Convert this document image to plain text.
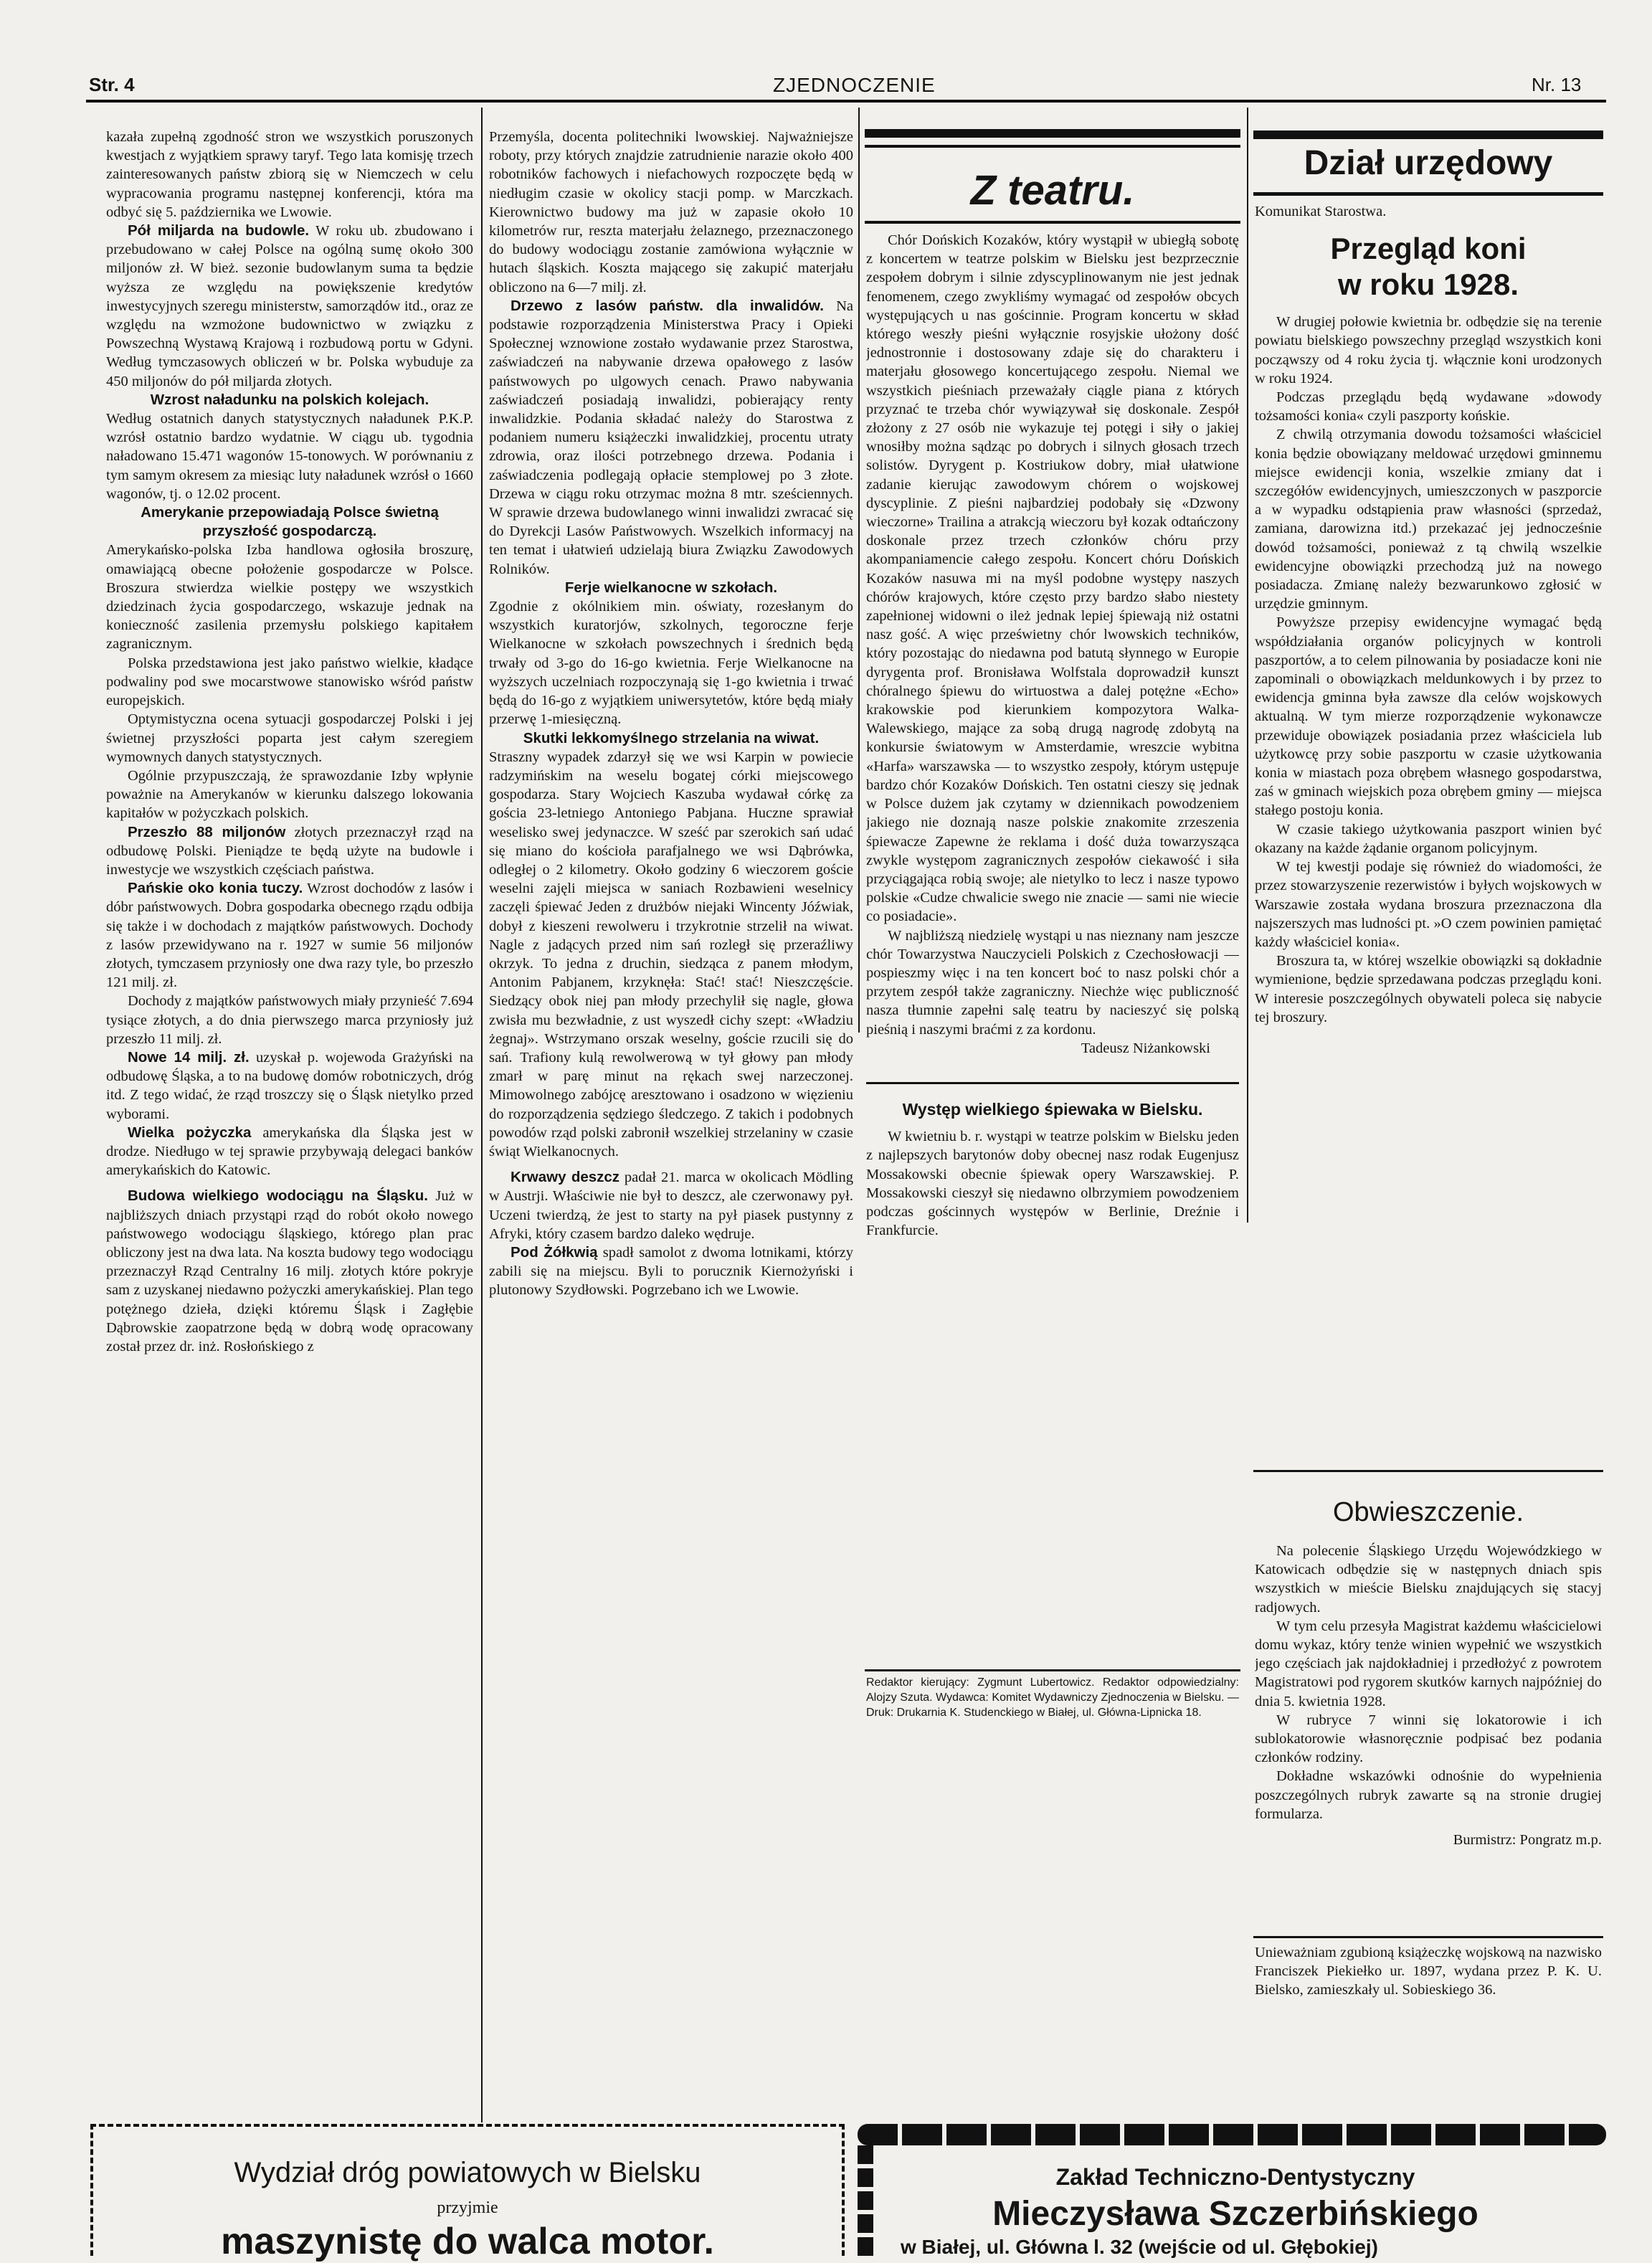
Str. 4	ZJEDNOCZENIE	Nr. 13

kazała zupełną zgodność stron we wszystkich poruszonych kwestjach z wyjątkiem sprawy taryf. Tego lata komisję trzech zainteresowanych państw zbiorą się w Niemczech w celu wypracowania programu następnej konferencji, która ma odbyć się 5. października we Lwowie.

Pół miljarda na budowle. W roku ub. zbudowano i przebudowano w całej Polsce na ogólną sumę około 300 miljonów zł. W bież. sezonie budowlanym suma ta będzie wyższa ze względu na powiększenie kredytów inwestycyjnych szeregu ministerstw, samorządów itd., oraz ze względu na wzmożone budownictwo w związku z Powszechną Wystawą Krajową i rozbudową portu w Gdyni. Według tymczasowych obliczeń w br. Polska wybuduje za 450 miljonów do pół miljarda złotych.

Wzrost naładunku na polskich kolejach.

Według ostatnich danych statystycznych naładunek P.K.P. wzrósł ostatnio bardzo wydatnie. W ciągu ub. tygodnia naładowano 15.471 wagonów 15-tonowych. W porównaniu z tym samym okresem za miesiąc luty naładunek wzrósł o 1660 wagonów, tj. o 12.02 procent.

Amerykanie przepowiadają Polsce świetną przyszłość gospodarczą.

Amerykańsko-polska Izba handlowa ogłosiła broszurę, omawiającą obecne położenie gospodarcze w Polsce. Broszura stwierdza wielkie postępy we wszystkich dziedzinach życia gospodarczego, wskazuje jednak na konieczność zasilenia przemysłu polskiego kapitałem zagranicznym.

Polska przedstawiona jest jako państwo wielkie, kładące podwaliny pod swe mocarstwowe stanowisko wśród państw europejskich.

Optymistyczna ocena sytuacji gospodarczej Polski i jej świetnej przyszłości poparta jest całym szeregiem wymownych danych statystycznych.

Ogólnie przypuszczają, że sprawozdanie Izby wpłynie poważnie na Amerykanów w kierunku dalszego lokowania kapitałów w pożyczkach polskich.

Przeszło 88 miljonów złotych przeznaczył rząd na odbudowę Polski. Pieniądze te będą użyte na budowle i inwestycje we wszystkich częściach państwa.

Pańskie oko konia tuczy. Wzrost dochodów z lasów i dóbr państwowych. Dobra gospodarka obecnego rządu odbija się także i w dochodach z majątków państwowych. Dochody z lasów przewidywano na r. 1927 w sumie 56 miljonów złotych, tymczasem przyniosły one dwa razy tyle, bo przeszło 121 milj. zł.

Dochody z majątków państwowych miały przynieść 7.694 tysiące złotych, a do dnia pierwszego marca przyniosły już przeszło 11 milj. zł.

Nowe 14 milj. zł. uzyskał p. wojewoda Grażyński na odbudowę Śląska, a to na budowę domów robotniczych, dróg itd. Z tego widać, że rząd troszczy się o Śląsk nietylko przed wyborami.

Wielka pożyczka amerykańska dla Śląska jest w drodze. Niedługo w tej sprawie przybywają delegaci banków amerykańskich do Katowic.

Budowa wielkiego wodociągu na Śląsku. Już w najbliższych dniach przystąpi rząd do robót około nowego państwowego wodociągu śląskiego, którego plan prac obliczony jest na dwa lata. Na koszta budowy tego wodociągu przeznaczył Rząd Centralny 16 milj. złotych które pokryje sam z uzyskanej niedawno pożyczki amerykańskiej. Plan tego potężnego dzieła, dzięki któremu Śląsk i Zagłębie Dąbrowskie zaopatrzone będą w dobrą wodę opracowany został przez dr. inż. Rosłońskiego z

Przemyśla, docenta politechniki lwowskiej. Najważniejsze roboty, przy których znajdzie zatrudnienie narazie około 400 robotników fachowych i niefachowych rozpoczęte będą w niedługim czasie w okolicy stacji pomp. w Marczkach. Kierownictwo budowy ma już w zapasie około 10 kilometrów rur, reszta materjału żelaznego, przeznaczonego do budowy wodociągu zostanie zamówiona wyłącznie w hutach śląskich. Koszta mającego się zakupić materjału obliczono na 6—7 milj. zł.

Drzewo z lasów państw. dla inwalidów. Na podstawie rozporządzenia Ministerstwa Pracy i Opieki Społecznej wznowione zostało wydawanie przez Starostwa, zaświadczeń na nabywanie drzewa opałowego z lasów państwowych po ulgowych cenach. Prawo nabywania zaświadczeń posiadają inwalidzi, pobierający renty inwalidzkie. Podania składać należy do Starostwa z podaniem numeru książeczki inwalidzkiej, procentu utraty zdrowia, oraz ilości potrzebnego drzewa. Podania i zaświadczenia podlegają opłacie stemplowej po 3 złote. Drzewa w ciągu roku otrzymac można 8 mtr. sześciennych. W sprawie drzewa budowlanego winni inwalidzi zwracać się do Dyrekcji Lasów Państwowych. Wszelkich informacyj na ten temat i ułatwień udzielają biura Związku Zawodowych Rolników.

Ferje wielkanocne w szkołach.

Zgodnie z okólnikiem min. oświaty, rozesłanym do wszystkich kuratorjów, szkolnych, tegoroczne ferje Wielkanocne w szkołach powszechnych i średnich będą trwały od 3-go do 16-go kwietnia. Ferje Wielkanocne na wyższych uczelniach rozpoczynają się 1-go kwietnia i trwać będą do 16-go z wyjątkiem uniwersytetów, które będą miały przerwę 1-miesięczną.

Skutki lekkomyślnego strzelania na wiwat.

Straszny wypadek zdarzył się we wsi Karpin w powiecie radzymińskim na weselu bogatej córki miejscowego gospodarza. Stary Wojciech Kaszuba wydawał córkę za gościa 23-letniego Antoniego Pabjana. Huczne sprawiał weselisko swej jedynaczce. W sześć par szerokich sań udać się miano do kościoła parafjalnego we wsi Dąbrówka, odległej o 2 kilometry. Około godziny 6 wieczorem goście weselni zajęli miejsca w saniach Rozbawieni weselnicy zaczęli śpiewać Jeden z drużbów niejaki Wincenty Jóźwiak, dobył z kieszeni rewolweru i trzykrotnie strzelił na wiwat. Nagle z jadących przed nim sań rozległ się przeraźliwy okrzyk. To jedna z druchin, siedząca z panem młodym, Antonim Pabjanem, krzyknęła: Stać! stać! Nieszczęście. Siedzący obok niej pan młody przechylił się nagle, głowa zwisła mu bezwładnie, z ust wyszedł cichy szept: «Władziu żegnaj». Wstrzymano orszak weselny, goście rzucili się do sań. Trafiony kulą rewolwerową w tył głowy pan młody zmarł w parę minut na rękach swej narzeczonej. Mimowolnego zabójcę aresztowano i osadzono w więzieniu do rozporządzenia sędziego śledczego. Z takich i podobnych powodów rząd polski zabronił wszelkiej strzelaniny w czasie świąt Wielkanocnych.

Krwawy deszcz padał 21. marca w okolicach Mödling w Austrji. Właściwie nie był to deszcz, ale czerwonawy pył. Uczeni twierdzą, że jest to starty na pył piasek pustynny z Afryki, który czasem bardzo daleko wędruje.

Pod Żółkwią spadł samolot z dwoma lotnikami, którzy zabili się na miejscu. Byli to porucznik Kiernożyński i plutonowy Szydłowski. Pogrzebano ich we Lwowie.

Z teatru.

Chór Dońskich Kozaków, który wystąpił w ubiegłą sobotę z koncertem w teatrze polskim w Bielsku jest bezprzecznie zespołem dobrym i silnie zdyscyplinowanym nie jest jednak fenomenem, czego zwykliśmy wymagać od zespołów obcych występujących u nas gościnnie. Program koncertu w skład którego weszły pieśni wyłącznie rosyjskie ułożony dość jednostronnie i dostosowany zdaje się do charakteru i materjału głosowego koncertującego zespołu. Niemal we wszystkich pieśniach przeważały ciągle piana z których przyznać te trzeba chór wywiązywał się doskonale. Zespół złożony z 27 osób nie wykazuje tej potęgi i siły o jakiej wnosiłby można sądząc po dobrych i silnych głosach trzech solistów. Dyrygent p. Kostriukow dobry, miał ułatwione zadanie kierując zawodowym chórem o wojskowej dyscyplinie. Z pieśni najbardziej podobały się «Dzwony wieczorne» Trailina a atrakcją wieczoru był kozak odtańczony doskonale przez trzech członków chóru przy akompaniamencie całego zespołu. Koncert chóru Dońskich Kozaków nasuwa mi na myśl podobne występy naszych chórów krajowych, które często przy bardzo słabo niestety zapełnionej widowni o ileż jednak lepiej śpiewają niż ostatni nasz gość. A więc prześwietny chór lwowskich techników, który pozostając do niedawna pod batutą słynnego w Europie dyrygenta prof. Bronisława Wolfstala doprowadził kunszt chóralnego śpiewu do wirtuostwa a dalej potężne «Echo» krakowskie pod kierunkiem kompozytora Walka-Walewskiego, mające za sobą drugą nagrodę zdobytą na konkursie światowym w Amsterdamie, wreszcie wybitna «Harfa» warszawska — to wszystko zespoły, którym ustępuje bardzo chór Kozaków Dońskich. Ten ostatni cieszy się jednak w Polsce dużem jak czytamy w dziennikach powodzeniem jakiego nie doznają nasze polskie znakomite zrzeszenia śpiewacze Zapewne że reklama i dość duża towarzysząca zwykle występom zagranicznych zespołów ciekawość i siła przyciągająca robią swoje; ale nietylko to lecz i nasze typowo polskie «Cudze chwalicie swego nie znacie — sami nie wiecie co posiadacie».

W najbliższą niedzielę wystąpi u nas nieznany nam jeszcze chór Towarzystwa Nauczycieli Polskich z Czechosłowacji — pospieszmy więc i na ten koncert boć to nasz polski chór a przytem zespół także zagraniczny. Niechże więc publiczność nasza tłumnie zapełni salę teatru by nacieszyć się polską pieśnią i naszymi braćmi z za kordonu.

Tadeusz Niżankowski

Występ wielkiego śpiewaka w Bielsku.

W kwietniu b. r. wystąpi w teatrze polskim w Bielsku jeden z najlepszych barytonów doby obecnej nasz rodak Eugenjusz Mossakowski obecnie śpiewak opery Warszawskiej. P. Mossakowski cieszył się niedawno olbrzymiem powodzeniem podczas gościnnych występów w Berlinie, Dreźnie i Frankfurcie.

Redaktor kierujący: Zygmunt Lubertowicz. Redaktor odpowiedzialny: Alojzy Szuta. Wydawca: Komitet Wydawniczy Zjednoczenia w Bielsku. — Druk: Drukarnia K. Studenckiego w Białej, ul. Główna-Lipnicka 18.
Dział urzędowy

Komunikat Starostwa.

Przegląd koni
w roku 1928.

W drugiej połowie kwietnia br. odbędzie się na terenie powiatu bielskiego powszechny przegląd wszystkich koni począwszy od 4 roku życia tj. włącznie koni urodzonych w roku 1924.

Podczas przeglądu będą wydawane »dowody tożsamości konia« czyli paszporty końskie.

Z chwilą otrzymania dowodu tożsamości właściciel konia będzie obowiązany meldować urzędowi gminnemu miejsce ewidencji konia, wszelkie zmiany dat i szczegółów ewidencyjnych, umieszczonych w paszporcie a w wypadku odstąpienia praw własności (sprzedaż, zamiana, darowizna itd.) przekazać jej jednocześnie dowód tożsamości, ponieważ z tą chwilą wszelkie ewidencyjne obowiązki przechodzą już na nowego posiadacza. Zmianę należy bezwarunkowo zgłosić w urzędzie gminnym.

Powyższe przepisy ewidencyjne wymagać będą współdziałania organów policyjnych w kontroli paszportów, a to celem pilnowania by posiadacze koni nie zapominali o obowiązkach meldunkowych i by przez to ewidencja gminna była zawsze dla celów wojskowych aktualną. W tym mierze rozporządzenie wykonawcze przewiduje obowiązek posiadania przez właściciela lub użytkowcę przy sobie paszportu w czasie użytkowania konia w miastach poza obrębem własnego gospodarstwa, zaś w gminach wiejskich poza obrębem gminy — miejsca stałego postoju konia.

W czasie takiego użytkowania paszport winien być okazany na każde żądanie organom policyjnym.

W tej kwestji podaje się również do wiadomości, że przez stowarzyszenie rezerwistów i byłych wojskowych w Warszawie została wydana broszura przeznaczona dla najszerszych mas ludności pt. »O czem powinien pamiętać każdy właściciel konia«.

Broszura ta, w której wszelkie obowiązki są dokładnie wymienione, będzie sprzedawana podczas przeglądu koni. W interesie poszczególnych obywateli poleca się nabycie tej broszury.

Obwieszczenie.

Na polecenie Śląskiego Urzędu Wojewódzkiego w Katowicach odbędzie się w następnych dniach spis wszystkich w mieście Bielsku znajdujących się stacyj radjowych.

W tym celu przesyła Magistrat każdemu właścicielowi domu wykaz, który tenże winien wypełnić we wszystkich jego częściach jak najdokładniej i przedłożyć z powrotem Magistratowi pod rygorem skutków karnych najpóźniej do dnia 5. kwietnia 1928.

W rubryce 7 winni się lokatorowie i ich sublokatorowie własnoręcznie podpisać bez podania członków rodziny.

Dokładne wskazówki odnośnie do wypełnienia poszczególnych rubryk zawarte są na stronie drugiej formularza.

Burmistrz: Pongratz m.p.

Unieważniam zgubioną książeczkę wojskową na nazwisko Franciszek Piekiełko ur. 1897, wydana przez P. K. U. Bielsko, zamieszkały ul. Sobieskiego 36.

Wydział dróg powiatowych w Bielsku
przyjmie
maszynistę do walca motor.
Zakład Techniczno-Dentystyczny
Mieczysława Szczerbińskiego
w Białej, ul. Główna l. 32 (wejście od ul. Głębokiej)
